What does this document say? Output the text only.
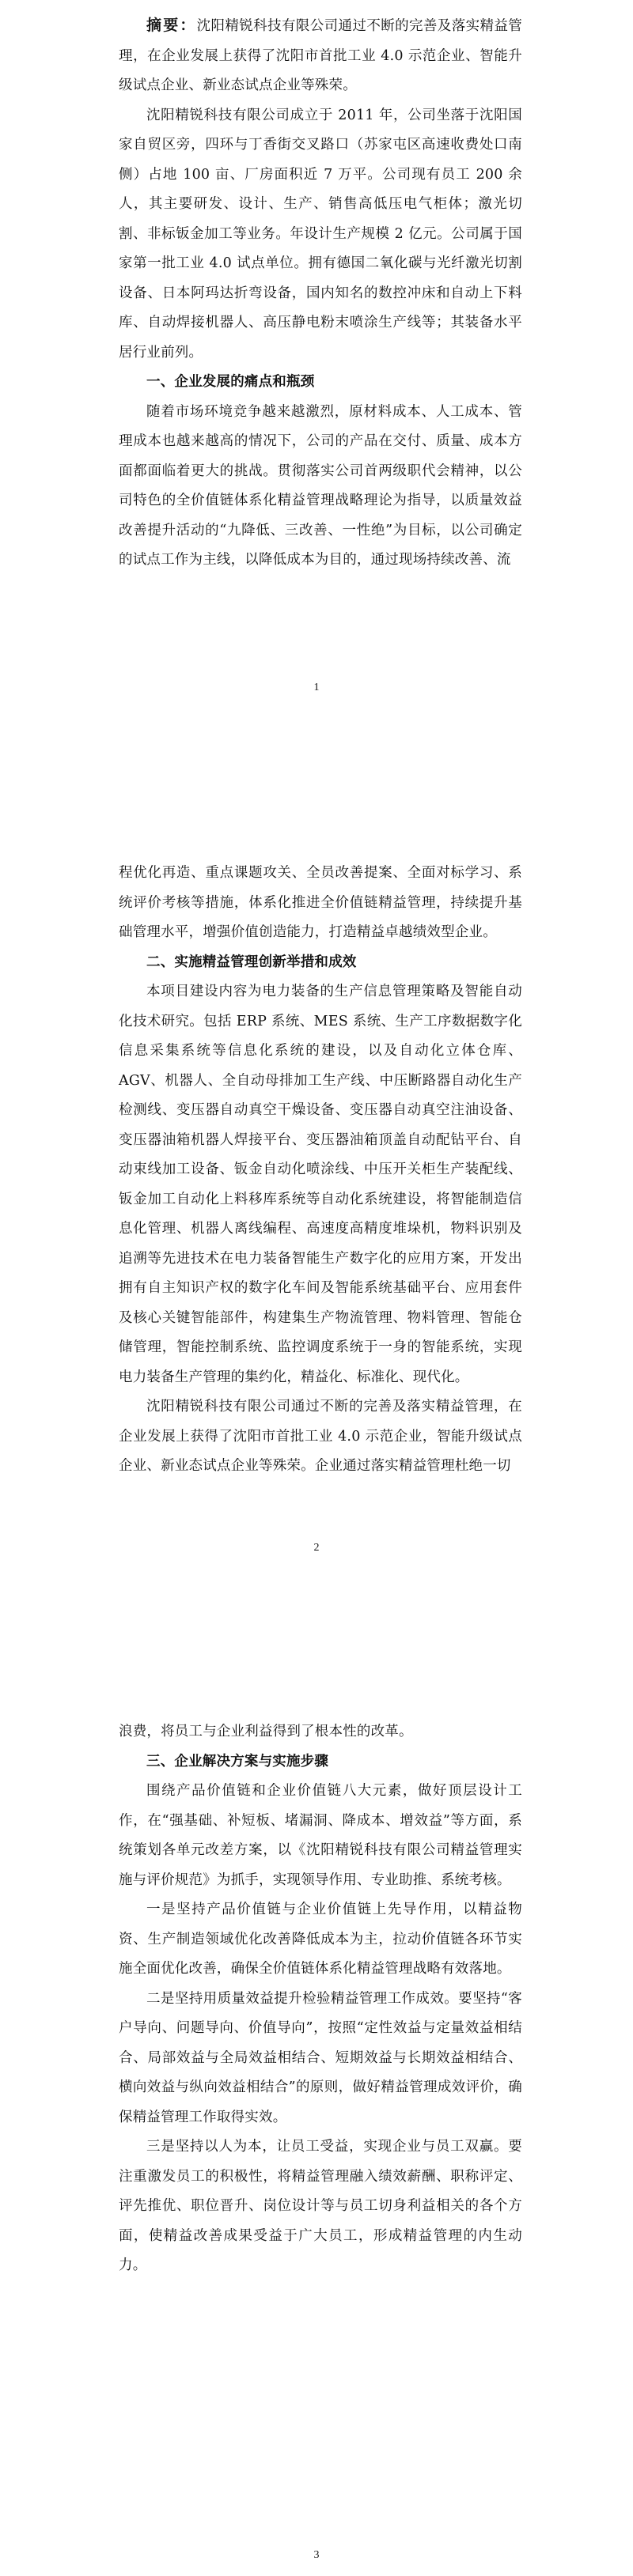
摘要：沈阳精锐科技有限公司通过不断的完善及落实精益管理，在企业发展上获得了沈阳市首批工业 4.0 示范企业、智能升级试点企业、新业态试点企业等殊荣。

沈阳精锐科技有限公司成立于 2011 年，公司坐落于沈阳国家自贸区旁，四环与丁香街交叉路口（苏家屯区高速收费处口南侧）占地 100 亩、厂房面积近 7 万平。公司现有员工 200 余人，其主要研发、设计、生产、销售高低压电气柜体；激光切割、非标钣金加工等业务。年设计生产规模 2 亿元。公司属于国家第一批工业 4.0 试点单位。拥有德国二氧化碳与光纤激光切割设备、日本阿玛达折弯设备，国内知名的数控冲床和自动上下料库、自动焊接机器人、高压静电粉末喷涂生产线等；其装备水平居行业前列。

一、企业发展的痛点和瓶颈

随着市场环境竞争越来越激烈，原材料成本、人工成本、管理成本也越来越高的情况下，公司的产品在交付、质量、成本方面都面临着更大的挑战。贯彻落实公司首两级职代会精神，以公司特色的全价值链体系化精益管理战略理论为指导，以质量效益改善提升活动的“九降低、三改善、一性绝”为目标，以公司确定的试点工作为主线，以降低成本为目的，通过现场持续改善、流

1

程优化再造、重点课题攻关、全员改善提案、全面对标学习、系统评价考核等措施，体系化推进全价值链精益管理，持续提升基础管理水平，增强价值创造能力，打造精益卓越绩效型企业。

二、实施精益管理创新举措和成效

本项目建设内容为电力装备的生产信息管理策略及智能自动化技术研究。包括 ERP 系统、MES 系统、生产工序数据数字化信息采集系统等信息化系统的建设，以及自动化立体仓库、AGV、机器人、全自动母排加工生产线、中压断路器自动化生产检测线、变压器自动真空干燥设备、变压器自动真空注油设备、变压器油箱机器人焊接平台、变压器油箱顶盖自动配钻平台、自动束线加工设备、钣金自动化喷涂线、中压开关柜生产装配线、钣金加工自动化上料移库系统等自动化系统建设，将智能制造信息化管理、机器人离线编程、高速度高精度堆垛机，物料识别及追溯等先进技术在电力装备智能生产数字化的应用方案，开发出拥有自主知识产权的数字化车间及智能系统基础平台、应用套件及核心关键智能部件，构建集生产物流管理、物料管理、智能仓储管理，智能控制系统、监控调度系统于一身的智能系统，实现电力装备生产管理的集约化，精益化、标准化、现代化。

沈阳精锐科技有限公司通过不断的完善及落实精益管理，在企业发展上获得了沈阳市首批工业 4.0 示范企业，智能升级试点企业、新业态试点企业等殊荣。企业通过落实精益管理杜绝一切

2

浪费，将员工与企业利益得到了根本性的改革。

三、企业解决方案与实施步骤

围绕产品价值链和企业价值链八大元素，做好顶层设计工作，在“强基础、补短板、堵漏洞、降成本、增效益”等方面，系统策划各单元改差方案，以《沈阳精锐科技有限公司精益管理实施与评价规范》为抓手，实现领导作用、专业助推、系统考核。

一是坚持产品价值链与企业价值链上先导作用，以精益物资、生产制造领域优化改善降低成本为主，拉动价值链各环节实施全面优化改善，确保全价值链体系化精益管理战略有效落地。

二是坚持用质量效益提升检验精益管理工作成效。要坚持“客户导向、问题导向、价值导向”，按照“定性效益与定量效益相结合、局部效益与全局效益相结合、短期效益与长期效益相结合、横向效益与纵向效益相结合”的原则，做好精益管理成效评价，确保精益管理工作取得实效。

三是坚持以人为本，让员工受益，实现企业与员工双赢。要注重激发员工的积极性，将精益管理融入绩效薪酬、职称评定、评先推优、职位晋升、岗位设计等与员工切身利益相关的各个方面，使精益改善成果受益于广大员工，形成精益管理的内生动力。

3
